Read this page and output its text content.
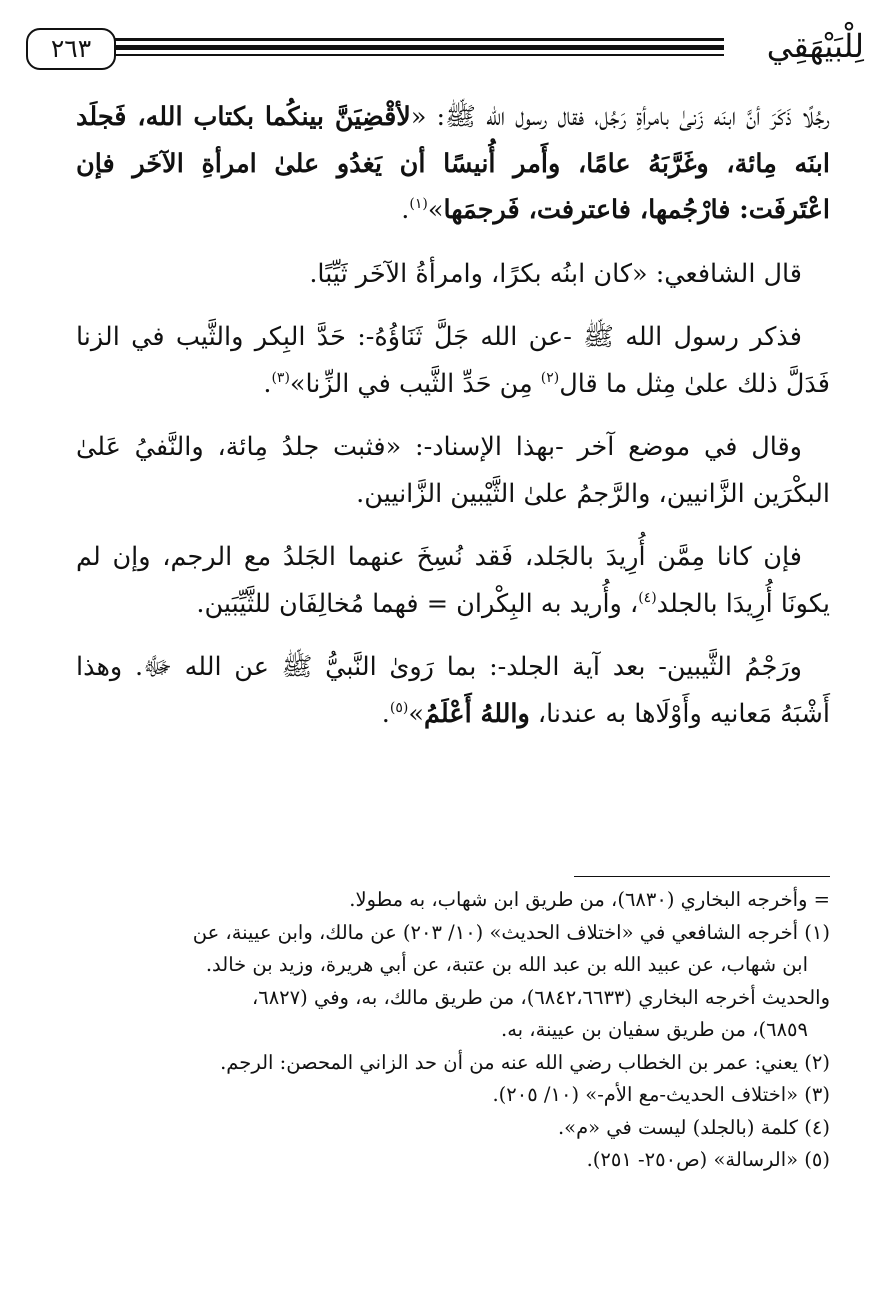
٢٦٣	لِلْبَيْهَقِي

رجُلًا ذَكَرَ أنَّ ابنَه زَنىٰ بامرأةِ رَجُل، فقال رسول الله ﷺ: «لأقْضِيَنَّ بينكُما بكتاب الله، فَجلَد ابنَه مِائة، وغَرَّبَهُ عامًا، وأَمر أُنيسًا أن يَغدُو علىٰ امرأةِ الآخَر فإن اعْتَرفَت: فارْجُمها، فاعترفت، فَرجمَها»$^{(١)}$.

قال الشافعي: «كان ابنُه بكرًا، وامرأةُ الآخَر ثَيِّبًا.

فذكر رسول الله ﷺ -عن الله جَلَّ ثَنَاؤُهُ-: حَدَّ البِكر والثَّيب في الزنا فَدَلَّ ذلك علىٰ مِثل ما قال$^{(٢)}$ مِن حَدِّ الثَّيب في الزِّنا»$^{(٣)}$.

وقال في موضع آخر -بهذا الإسناد-: «فثبت جلدُ مِائة، والنَّفيُ عَلىٰ البكْرَين الزَّانيين، والرَّجمُ علىٰ الثَّيْبين الزَّانيين.

فإن كانا مِمَّن أُرِيدَ بالجَلد، فَقد نُسِخَ عنهما الجَلدُ مع الرجم، وإن لم يكونَا أُرِيدَا بالجلد$^{(٤)}$، وأُريد به البِكْران = فهما مُخالِفَان للثَّيِّبَين.

ورَجْمُ الثَّيبين- بعد آية الجلد-: بما رَوىٰ النَّبيُّ ﷺ عن الله ﷻ. وهذا أَشْبَهُ مَعانيه وأَوْلَاها به عندنا، واللهُ أَعْلَمُ»$^{(٥)}$.

= وأخرجه البخاري (٦٨٣٠)، من طريق ابن شهاب، به مطولا.

(١) أخرجه الشافعي في «اختلاف الحديث» (١٠/ ٢٠٣) عن مالك، وابن عيينة، عن

ابن شهاب، عن عبيد الله بن عبد الله بن عتبة، عن أبي هريرة، وزيد بن خالد.

والحديث أخرجه البخاري (٦٨٤٢،٦٦٣٣)، من طريق مالك، به، وفي (٦٨٢٧،

٦٨٥٩)، من طريق سفيان بن عيينة، به.

(٢) يعني: عمر بن الخطاب رضي الله عنه من أن حد الزاني المحصن: الرجم.

(٣) «اختلاف الحديث-مع الأم-» (١٠/ ٢٠٥).

(٤) كلمة (بالجلد) ليست في «م».

(٥) «الرسالة» (ص٢٥٠- ٢٥١).
